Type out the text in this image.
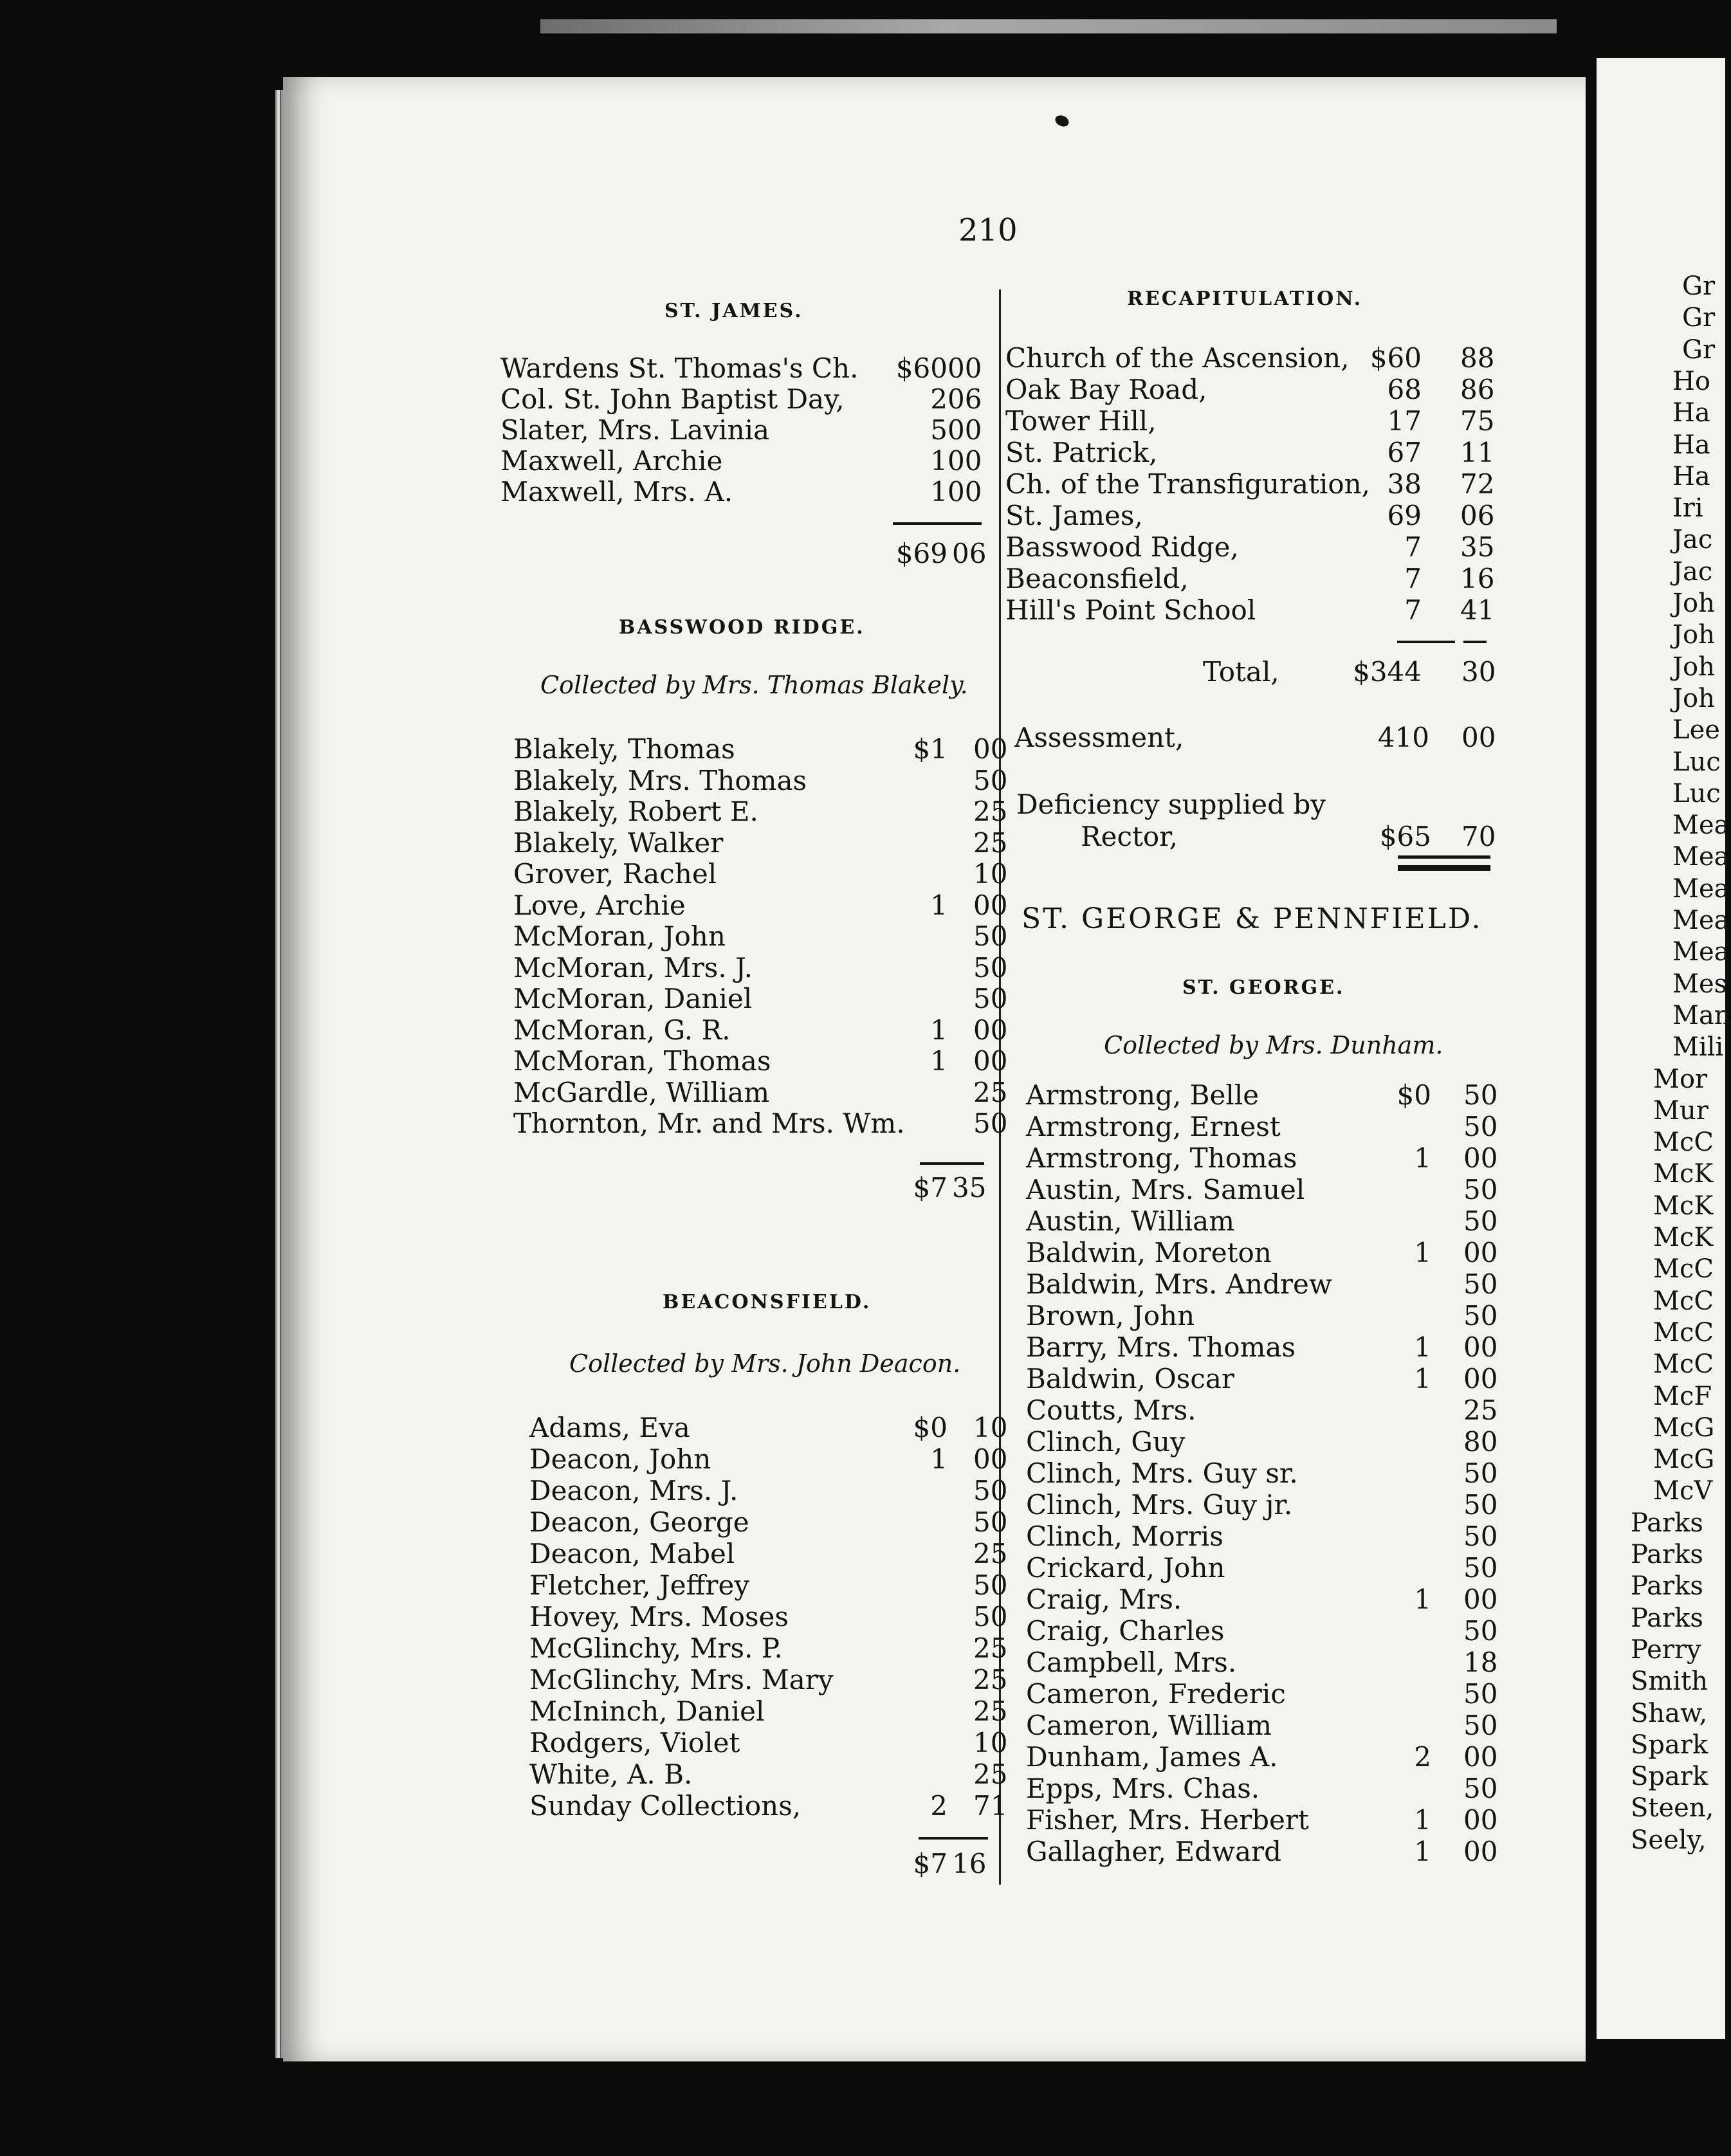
210
ST. JAMES.
Wardens St. Thomas's Ch. $60 00
Col. St. John Baptist Day,	2 06
Slater, Mrs. Lavinia	5 00
Maxwell, Archie	1 00
Maxwell, Mrs. A.	1 00
$69 06
BASSWOOD RIDGE.
Collected by Mrs. Thomas Blakely.
Blakely, Thomas	$1 00
Blakely, Mrs. Thomas	50
Blakely, Robert E.	25
Blakely, Walker	25
Grover, Rachel	10
Love, Archie	1 00
McMoran, John	50
McMoran, Mrs. J.	50
McMoran, Daniel	50
McMoran, G. R.	1 00
McMoran, Thomas	1 00
McGardle, William	25
Thornton, Mr. and Mrs. Wm.	50
$7 35
BEACONSFIELD.
Collected by Mrs. John Deacon.
Adams, Eva	$0 10
Deacon, John	1 00
Deacon, Mrs. J.	50
Deacon, George	50
Deacon, Mabel	25
Fletcher, Jeffrey	50
Hovey, Mrs. Moses	50
McGlinchy, Mrs. P.	25
McGlinchy, Mrs. Mary	25
McIninch, Daniel	25
Rodgers, Violet	10
White, A. B.	25
Sunday Collections,	2 71
$7 16
RECAPITULATION.
Church of the Ascension, $60 88
Oak Bay Road,	68 86
Tower Hill,	17 75
St. Patrick,	67 11
Ch. of the Transfiguration, 38 72
St. James,	69 06
Basswood Ridge,	7 35
Beaconsfield,	7 16
Hill's Point School	7 41
Total,	$344 30
Assessment,	410 00
Deficiency supplied by
Rector,	$65 70
ST. GEORGE & PENNFIELD.
ST. GEORGE.
Collected by Mrs. Dunham.
Armstrong, Belle	$0 50
Armstrong, Ernest	50
Armstrong, Thomas	1 00
Austin, Mrs. Samuel	50
Austin, William	50
Baldwin, Moreton	1 00
Baldwin, Mrs. Andrew	50
Brown, John	50
Barry, Mrs. Thomas	1 00
Baldwin, Oscar	1 00
Coutts, Mrs.	25
Clinch, Guy	80
Clinch, Mrs. Guy sr.	50
Clinch, Mrs. Guy jr.	50
Clinch, Morris	50
Crickard, John	50
Craig, Mrs.	1 00
Craig, Charles	50
Campbell, Mrs.	18
Cameron, Frederic	50
Cameron, William	50
Dunham, James A.	2 00
Epps, Mrs. Chas.	50
Fisher, Mrs. Herbert	1 00
Gallagher, Edward	1 00
Gr
Gr
Gr
Ho
Ha
Ha
Ha
Iri
Jac
Jac
Joh
Joh
Joh
Joh
Lee
Luc
Luc
Mea
Mea
Mea
Mea
Mea
Mes
Man
Mili
Mor
Mur
McC
McK
McK
McK
McC
McC
McC
McC
McF
McG
McG
McV
Parks
Parks
Parks
Parks
Perry
Smith
Shaw,
Spark
Spark
Steen,
Seely,
